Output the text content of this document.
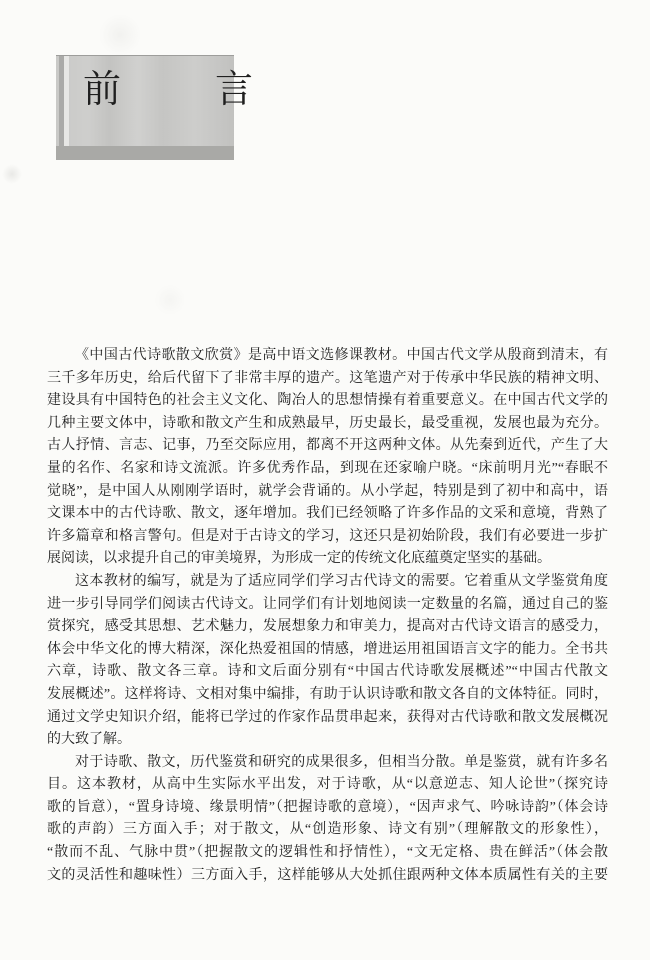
前　言
《中国古代诗歌散文欣赏》是高中语文选修课教材。中国古代文学从殷商到清末，有
三千多年历史，给后代留下了非常丰厚的遗产。这笔遗产对于传承中华民族的精神文明、
建设具有中国特色的社会主义文化、陶冶人的思想情操有着重要意义。在中国古代文学的
几种主要文体中，诗歌和散文产生和成熟最早，历史最长，最受重视，发展也最为充分。
古人抒情、言志、记事，乃至交际应用，都离不开这两种文体。从先秦到近代，产生了大
量的名作、名家和诗文流派。许多优秀作品，到现在还家喻户晓。“床前明月光”“春眠不
觉晓”，是中国人从刚刚学语时，就学会背诵的。从小学起，特别是到了初中和高中，语
文课本中的古代诗歌、散文，逐年增加。我们已经领略了许多作品的文采和意境，背熟了
许多篇章和格言警句。但是对于古诗文的学习，这还只是初始阶段，我们有必要进一步扩
展阅读，以求提升自己的审美境界，为形成一定的传统文化底蕴奠定坚实的基础。
这本教材的编写，就是为了适应同学们学习古代诗文的需要。它着重从文学鉴赏角度
进一步引导同学们阅读古代诗文。让同学们有计划地阅读一定数量的名篇，通过自己的鉴
赏探究，感受其思想、艺术魅力，发展想象力和审美力，提高对古代诗文语言的感受力，
体会中华文化的博大精深，深化热爱祖国的情感，增进运用祖国语言文字的能力。全书共
六章，诗歌、散文各三章。诗和文后面分别有“中国古代诗歌发展概述”“中国古代散文
发展概述”。这样将诗、文相对集中编排，有助于认识诗歌和散文各自的文体特征。同时，
通过文学史知识介绍，能将已学过的作家作品贯串起来，获得对古代诗歌和散文发展概况
的大致了解。
对于诗歌、散文，历代鉴赏和研究的成果很多，但相当分散。单是鉴赏，就有许多名
目。这本教材，从高中生实际水平出发，对于诗歌，从“以意逆志、知人论世”（探究诗
歌的旨意），“置身诗境、缘景明情”（把握诗歌的意境），“因声求气、吟咏诗韵”（体会诗
歌的声韵）三方面入手；对于散文，从“创造形象、诗文有别”（理解散文的形象性），
“散而不乱、气脉中贯”（把握散文的逻辑性和抒情性），“文无定格、贵在鲜活”（体会散
文的灵活性和趣味性）三方面入手，这样能够从大处抓住跟两种文体本质属性有关的主要
